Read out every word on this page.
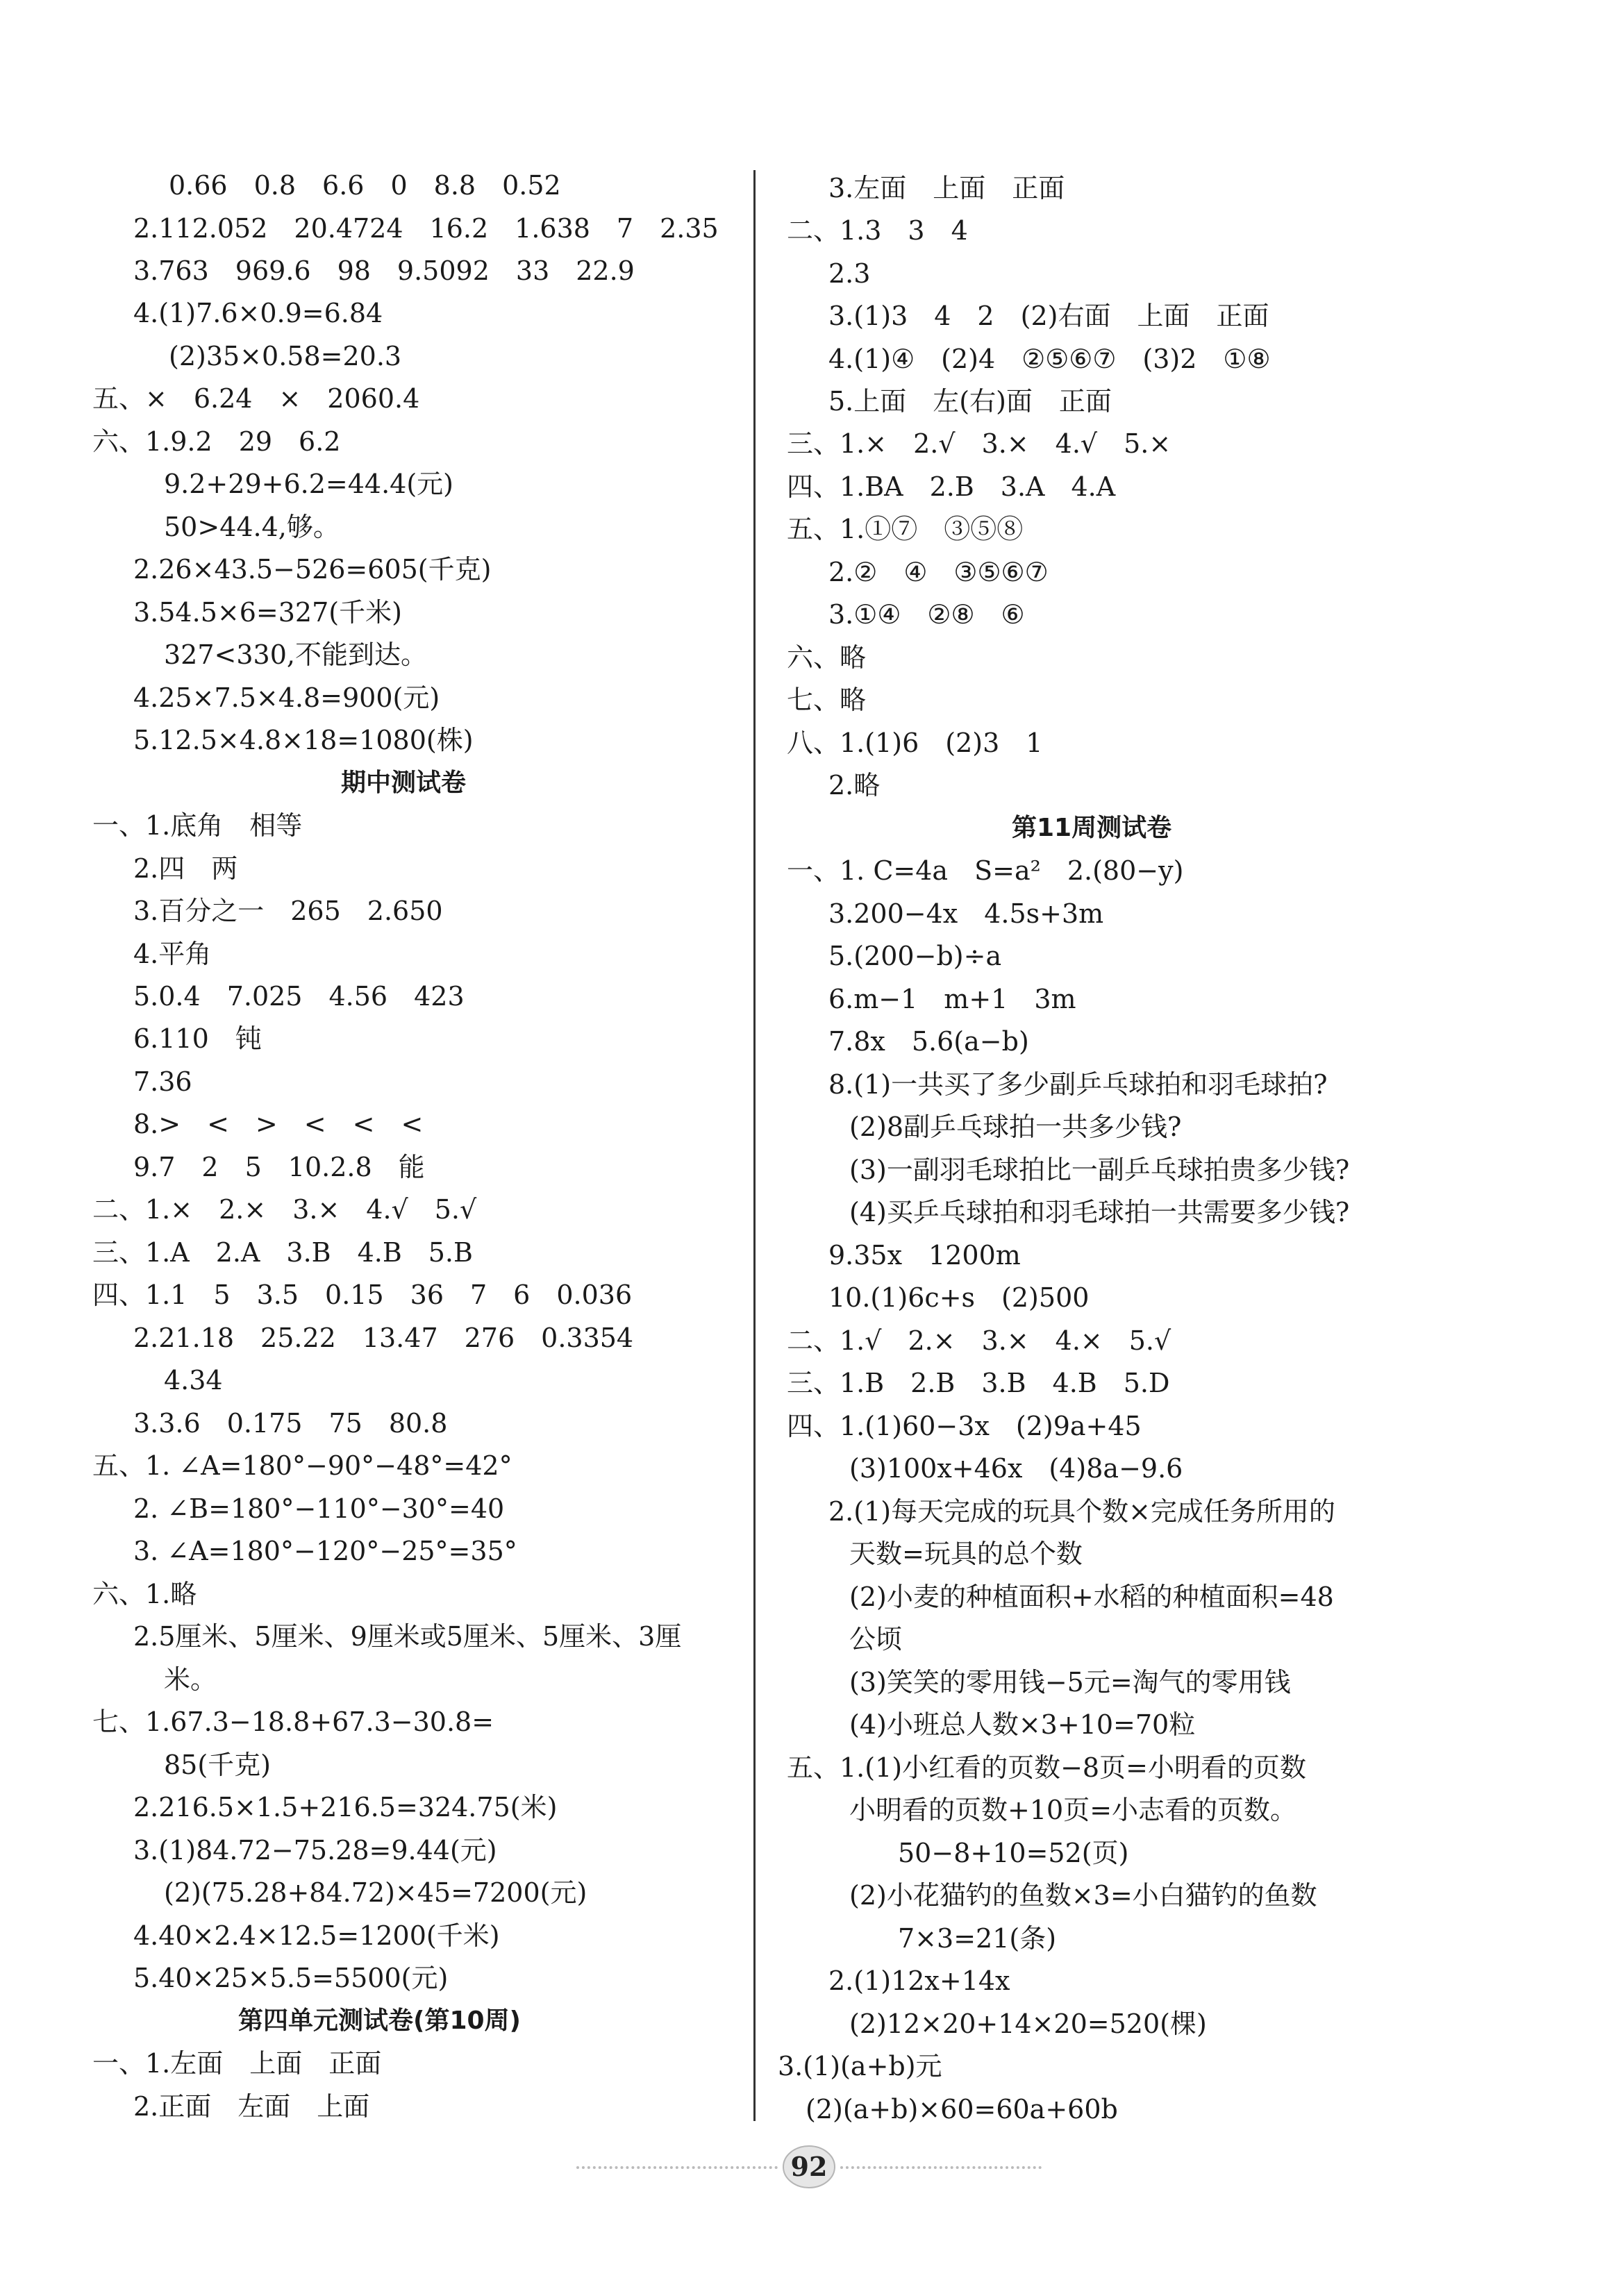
0.66　0.8　6.6　0　8.8　0.52
2.112.052　20.4724　16.2　1.638　7　2.35
3.763　969.6　98　9.5092　33　22.9
4.(1)7.6×0.9=6.84
(2)35×0.58=20.3
五、×　6.24　×　2060.4
六、1.9.2　29　6.2
9.2+29+6.2=44.4(元)
50>44.4,够。
2.26×43.5−526=605(千克)
3.54.5×6=327(千米)
327<330,不能到达。
4.25×7.5×4.8=900(元)
5.12.5×4.8×18=1080(株)
期中测试卷
一、1.底角　相等
2.四　两
3.百分之一　265　2.650
4.平角
5.0.4　7.025　4.56　423
6.110　钝
7.36
8.>　<　>　<　<　<
9.7　2　5　10.2.8　能
二、1.×　2.×　3.×　4.√　5.√
三、1.A　2.A　3.B　4.B　5.B
四、1.1　5　3.5　0.15　36　7　6　0.036
2.21.18　25.22　13.47　276　0.3354
4.34
3.3.6　0.175　75　80.8
五、1. ∠A=180°−90°−48°=42°
2. ∠B=180°−110°−30°=40
3. ∠A=180°−120°−25°=35°
六、1.略
2.5厘米、5厘米、9厘米或5厘米、5厘米、3厘
米。
七、1.67.3−18.8+67.3−30.8=
85(千克)
2.216.5×1.5+216.5=324.75(米)
3.(1)84.72−75.28=9.44(元)
(2)(75.28+84.72)×45=7200(元)
4.40×2.4×12.5=1200(千米)
5.40×25×5.5=5500(元)
第四单元测试卷(第10周)
一、1.左面　上面　正面
2.正面　左面　上面
3.左面　上面　正面
二、1.3　3　4
2.3
3.(1)3　4　2　(2)右面　上面　正面
4.(1)④　(2)4　②⑤⑥⑦　(3)2　①⑧
5.上面　左(右)面　正面
三、1.×　2.√　3.×　4.√　5.×
四、1.BA　2.B　3.A　4.A
五、1.①⑦　③⑤⑧
2.②　④　③⑤⑥⑦
3.①④　②⑧　⑥
六、略
七、略
八、1.(1)6　(2)3　1
2.略
第11周测试卷
一、1. C=4a　S=a²　2.(80−y)
3.200−4x　4.5s+3m
5.(200−b)÷a
6.m−1　m+1　3m
7.8x　5.6(a−b)
8.(1)一共买了多少副乒乓球拍和羽毛球拍?
(2)8副乒乓球拍一共多少钱?
(3)一副羽毛球拍比一副乒乓球拍贵多少钱?
(4)买乒乓球拍和羽毛球拍一共需要多少钱?
9.35x　1200m
10.(1)6c+s　(2)500
二、1.√　2.×　3.×　4.×　5.√
三、1.B　2.B　3.B　4.B　5.D
四、1.(1)60−3x　(2)9a+45
(3)100x+46x　(4)8a−9.6
2.(1)每天完成的玩具个数×完成任务所用的
天数=玩具的总个数
(2)小麦的种植面积+水稻的种植面积=48
公顷
(3)笑笑的零用钱−5元=淘气的零用钱
(4)小班总人数×3+10=70粒
五、1.(1)小红看的页数−8页=小明看的页数
小明看的页数+10页=小志看的页数。
50−8+10=52(页)
(2)小花猫钓的鱼数×3=小白猫钓的鱼数
7×3=21(条)
2.(1)12x+14x
(2)12×20+14×20=520(棵)
3.(1)(a+b)元
(2)(a+b)×60=60a+60b
92
